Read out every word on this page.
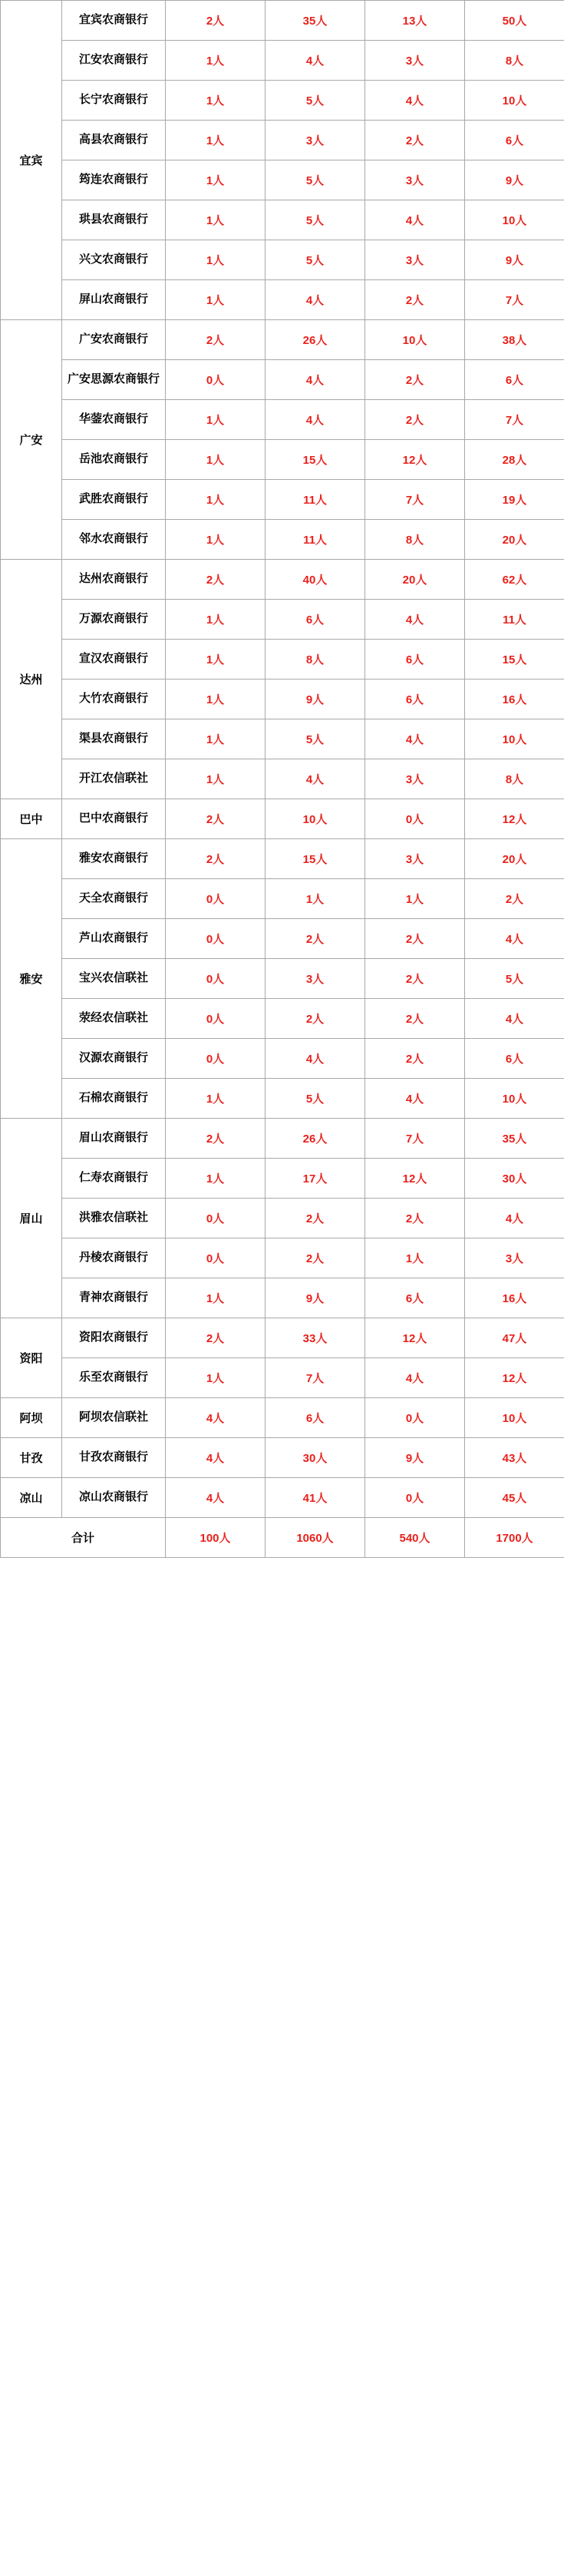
宜宾	宜宾农商银行	2人	35人	13人	50人
	江安农商银行	1人	4人	3人	8人
	长宁农商银行	1人	5人	4人	10人
	高县农商银行	1人	3人	2人	6人
	筠连农商银行	1人	5人	3人	9人
	珙县农商银行	1人	5人	4人	10人
	兴文农商银行	1人	5人	3人	9人
	屏山农商银行	1人	4人	2人	7人
广安	广安农商银行	2人	26人	10人	38人
	广安思源农商银行	0人	4人	2人	6人
	华蓥农商银行	1人	4人	2人	7人
	岳池农商银行	1人	15人	12人	28人
	武胜农商银行	1人	11人	7人	19人
	邻水农商银行	1人	11人	8人	20人
达州	达州农商银行	2人	40人	20人	62人
	万源农商银行	1人	6人	4人	11人
	宣汉农商银行	1人	8人	6人	15人
	大竹农商银行	1人	9人	6人	16人
	渠县农商银行	1人	5人	4人	10人
	开江农信联社	1人	4人	3人	8人
巴中	巴中农商银行	2人	10人	0人	12人
雅安	雅安农商银行	2人	15人	3人	20人
	天全农商银行	0人	1人	1人	2人
	芦山农商银行	0人	2人	2人	4人
	宝兴农信联社	0人	3人	2人	5人
	荥经农信联社	0人	2人	2人	4人
	汉源农商银行	0人	4人	2人	6人
	石棉农商银行	1人	5人	4人	10人
眉山	眉山农商银行	2人	26人	7人	35人
	仁寿农商银行	1人	17人	12人	30人
	洪雅农信联社	0人	2人	2人	4人
	丹棱农商银行	0人	2人	1人	3人
	青神农商银行	1人	9人	6人	16人
资阳	资阳农商银行	2人	33人	12人	47人
	乐至农商银行	1人	7人	4人	12人
阿坝	阿坝农信联社	4人	6人	0人	10人
甘孜	甘孜农商银行	4人	30人	9人	43人
凉山	凉山农商银行	4人	41人	0人	45人
合计		100人	1060人	540人	1700人
